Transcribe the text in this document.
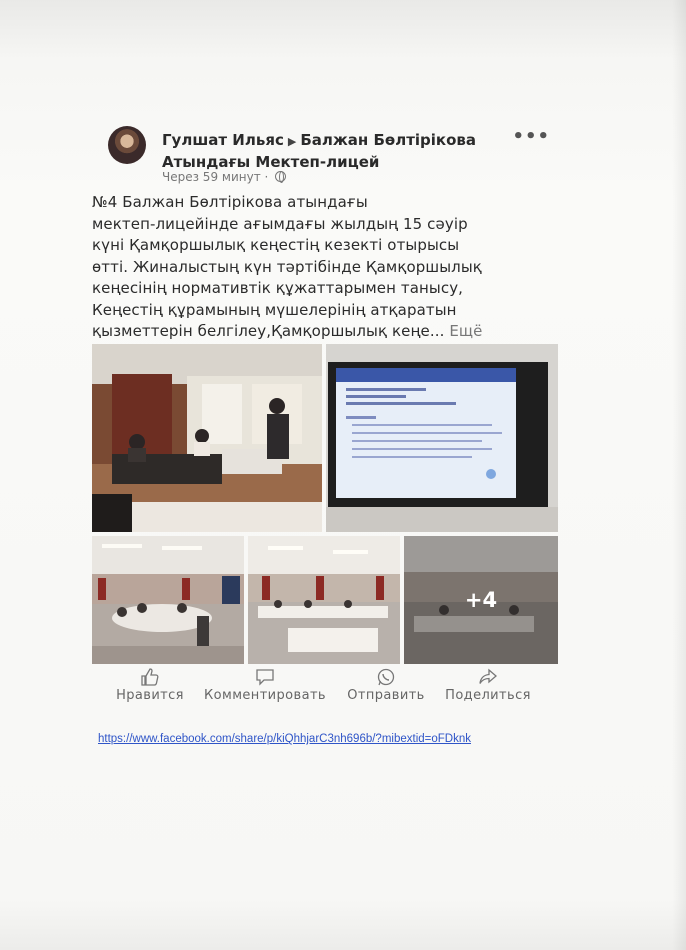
Гулшат Ильяс ▶ Балжан Бөлтірікова Атындағы Мектеп-лицей
•••
Через 59 минут ·
№4 Балжан Бөлтірікова атындағы
мектеп-лицейінде ағымдағы жылдың 15 сәуір
күні Қамқоршылық кеңестің кезекті отырысы
өтті. Жиналыстың күн тәртібінде Қамқоршылық
кеңесінің нормативтік құжаттарымен танысу,
Кеңестің құрамының мүшелерінің атқаратын
қызметтерін белгілеу,Қамқоршылық кеңе... Ещё
+4
Нравится	Комментировать	Отправить	Поделиться
https://www.facebook.com/share/p/kiQhhjarC3nh696b/?mibextid=oFDknk
